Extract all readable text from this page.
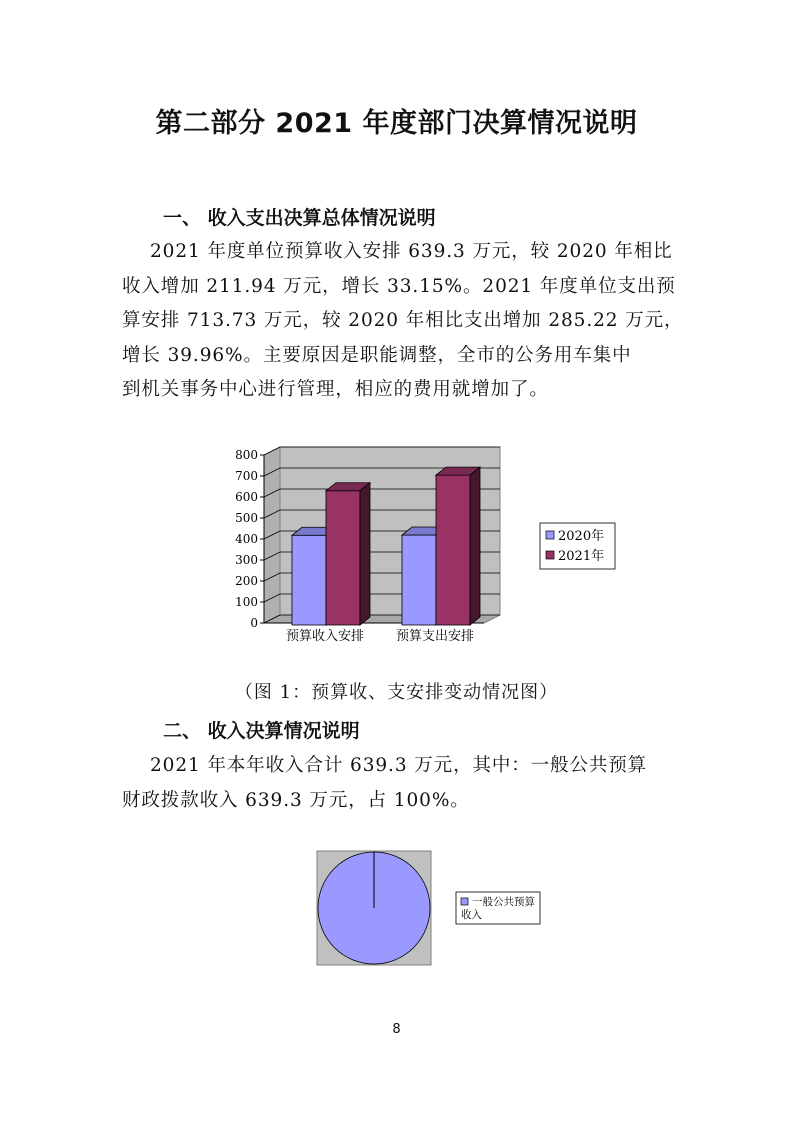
第二部分 2021 年度部门决算情况说明
一、 收入支出决算总体情况说明
2021 年度单位预算收入安排 639.3 万元，较 2020 年相比
收入增加 211.94 万元，增长 33.15%。2021 年度单位支出预
算安排 713.73 万元，较 2020 年相比支出增加 285.22 万元，
增长 39.96%。主要原因是职能调整，全市的公务用车集中
到机关事务中心进行管理，相应的费用就增加了。
0
100
200
300
400
500
600
700
800
预算收入安排 预算支出安排
2020年
2021年
（图 1：预算收、支安排变动情况图）
二、 收入决算情况说明
2021 年本年收入合计 639.3 万元，其中：一般公共预算
财政拨款收入 639.3 万元，占 100%。
一般公共预算
收入
8
